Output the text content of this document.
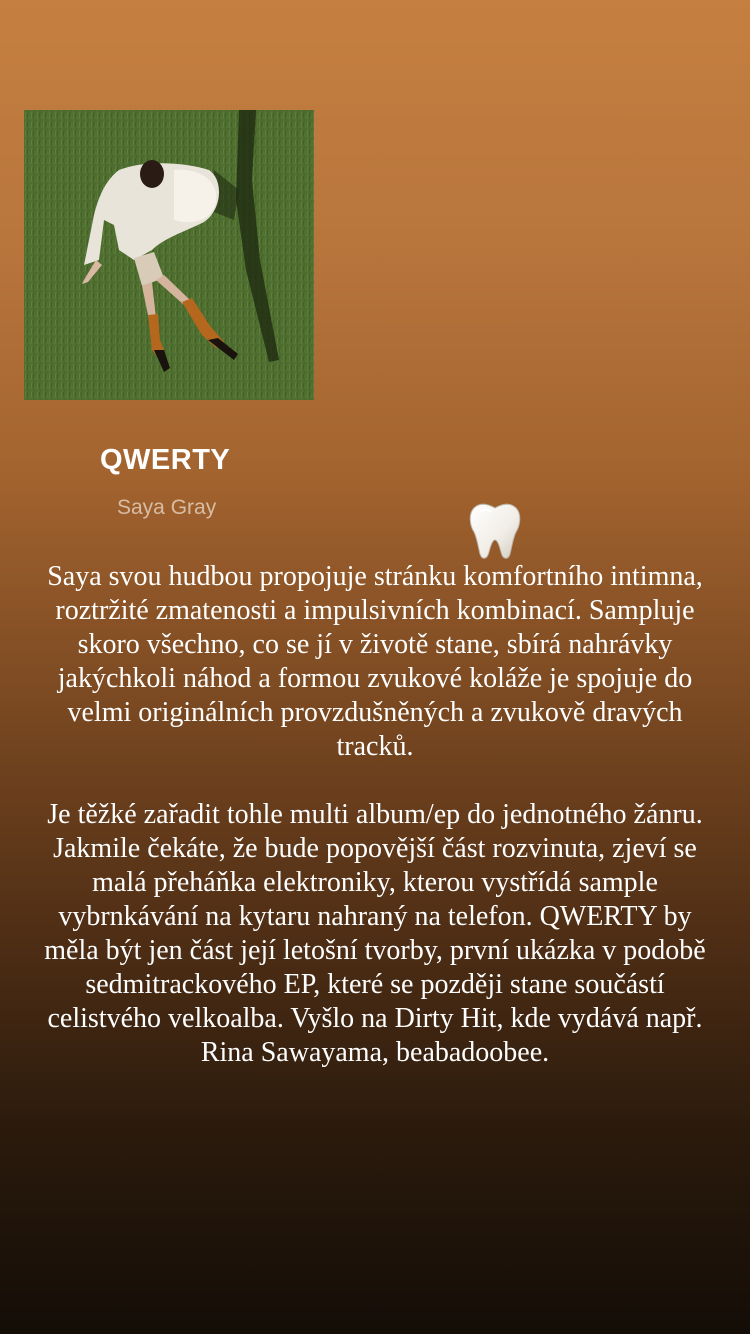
QWERTY
Saya Gray

Saya svou hudbou propojuje stránku komfortního intimna, roztržité zmatenosti a impulsivních kombinací. Sampluje skoro všechno, co se jí v životě stane, sbírá nahrávky jakýchkoli náhod a formou zvukové koláže je spojuje do velmi originálních provzdušněných a zvukově dravých tracků.

Je těžké zařadit tohle multi album/ep do jednotného žánru. Jakmile čekáte, že bude popovější část rozvinuta, zjeví se malá přeháňka elektroniky, kterou vystřídá sample vybrnkávání na kytaru nahraný na telefon. QWERTY by měla být jen část její letošní tvorby, první ukázka v podobě sedmitrackového EP, které se později stane součástí celistvého velkoalba. Vyšlo na Dirty Hit, kde vydává např. Rina Sawayama, beabadoobee.
